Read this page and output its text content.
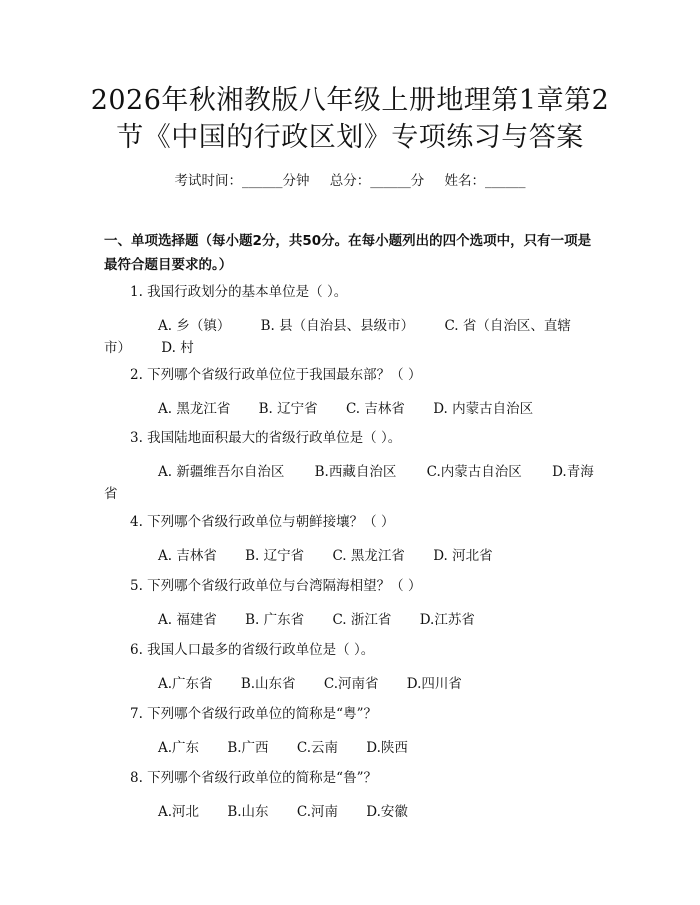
2026年秋湘教版八年级上册地理第1章第2
节《中国的行政区划》专项练习与答案
考试时间：______分钟 总分：______分 姓名：______
一、单项选择题（每小题2分，共50分。在每小题列出的四个选项中，只有一项是最符合题目要求的。）
1. 我国行政划分的基本单位是（ ）。
A. 乡（镇） B. 县（自治县、县级市） C. 省（自治区、直辖市） D. 村
2. 下列哪个省级行政单位位于我国最东部？（ ）
A. 黑龙江省 B. 辽宁省 C. 吉林省 D. 内蒙古自治区
3. 我国陆地面积最大的省级行政单位是（ ）。
A. 新疆维吾尔自治区 B.西藏自治区 C.内蒙古自治区 D.青海省
4. 下列哪个省级行政单位与朝鲜接壤？（ ）
A. 吉林省 B. 辽宁省 C. 黑龙江省 D. 河北省
5. 下列哪个省级行政单位与台湾隔海相望？（ ）
A. 福建省 B. 广东省 C. 浙江省 D.江苏省
6. 我国人口最多的省级行政单位是（ ）。
A.广东省 B.山东省 C.河南省 D.四川省
7. 下列哪个省级行政单位的简称是“粤”？
A.广东 B.广西 C.云南 D.陕西
8. 下列哪个省级行政单位的简称是“鲁”？
A.河北 B.山东 C.河南 D.安徽
